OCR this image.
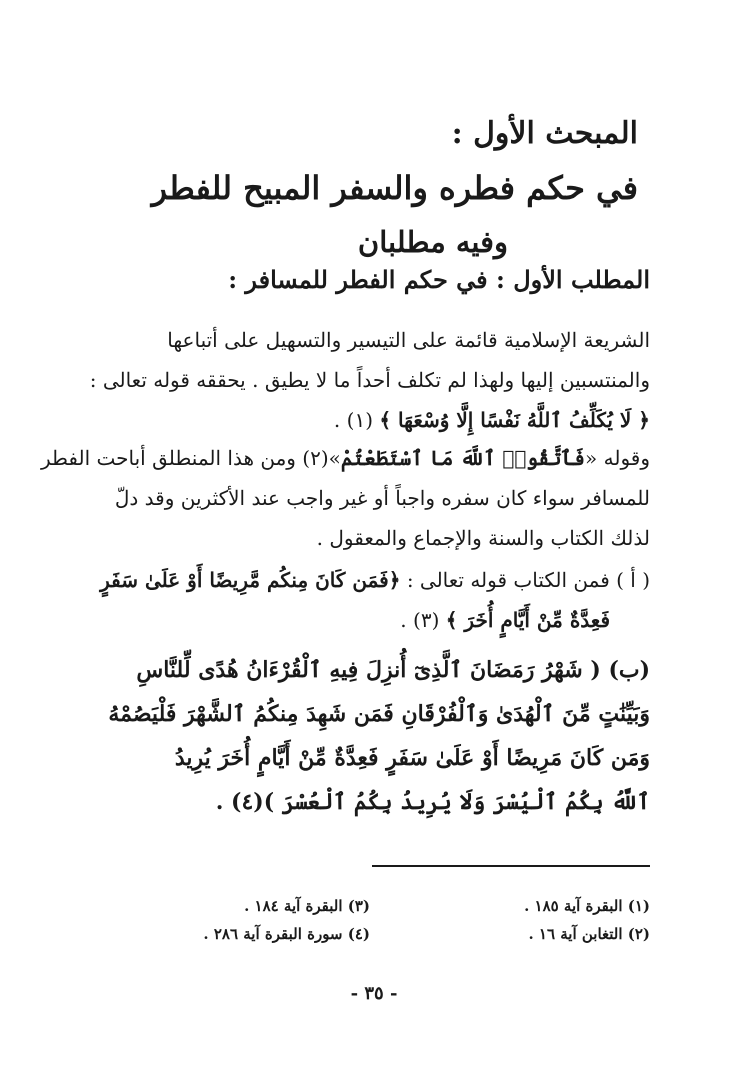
المبحث الأول :
في حكم فطره والسفر المبيح للفطر
وفيه مطلبان
المطلب الأول : في حكم الفطر للمسافر :

الشريعة الإسلامية قائمة على التيسير والتسهيل على أتباعها

والمنتسبين إليها ولهذا لم تكلف أحداً ما لا يطيق . يحققه قوله تعالى :

﴿ لَا يُكَلِّفُ ٱللَّهُ نَفْسًا إِلَّا وُسْعَهَا ﴾ (١) .

وقوله «فَٱتَّقُوا۟ ٱللَّهَ مَا ٱسْتَطَعْتُمْ»(٢) ومن هذا المنطلق أباحت الفطر

للمسافر سواء كان سفره واجباً أو غير واجب عند الأكثرين وقد دلّ

لذلك الكتاب والسنة والإجماع والمعقول .

( أ ) فمن الكتاب قوله تعالى : ﴿فَمَن كَانَ مِنكُم مَّرِيضًا أَوْ عَلَىٰ سَفَرٍ

فَعِدَّةٌ مِّنْ أَيَّامٍ أُخَرَ ﴾ (٣) .

(ب) ( شَهْرُ رَمَضَانَ ٱلَّذِىٓ أُنزِلَ فِيهِ ٱلْقُرْءَانُ هُدًى لِّلنَّاسِ

وَبَيِّنَٰتٍ مِّنَ ٱلْهُدَىٰ وَٱلْفُرْقَانِ فَمَن شَهِدَ مِنكُمُ ٱلشَّهْرَ فَلْيَصُمْهُ

وَمَن كَانَ مَرِيضًا أَوْ عَلَىٰ سَفَرٍ فَعِدَّةٌ مِّنْ أَيَّامٍ أُخَرَ يُرِيدُ

ٱللَّهُ بِكُمُ ٱلْيُسْرَ وَلَا يُرِيدُ بِكُمُ ٱلْعُسْرَ )(٤) .

(١) البقرة آية ١٨٥ .
(٣) البقرة آية ١٨٤ .
(٢) التغابن آية ١٦ .
(٤) سورة البقرة آية ٢٨٦ .
- ٣٥ -
